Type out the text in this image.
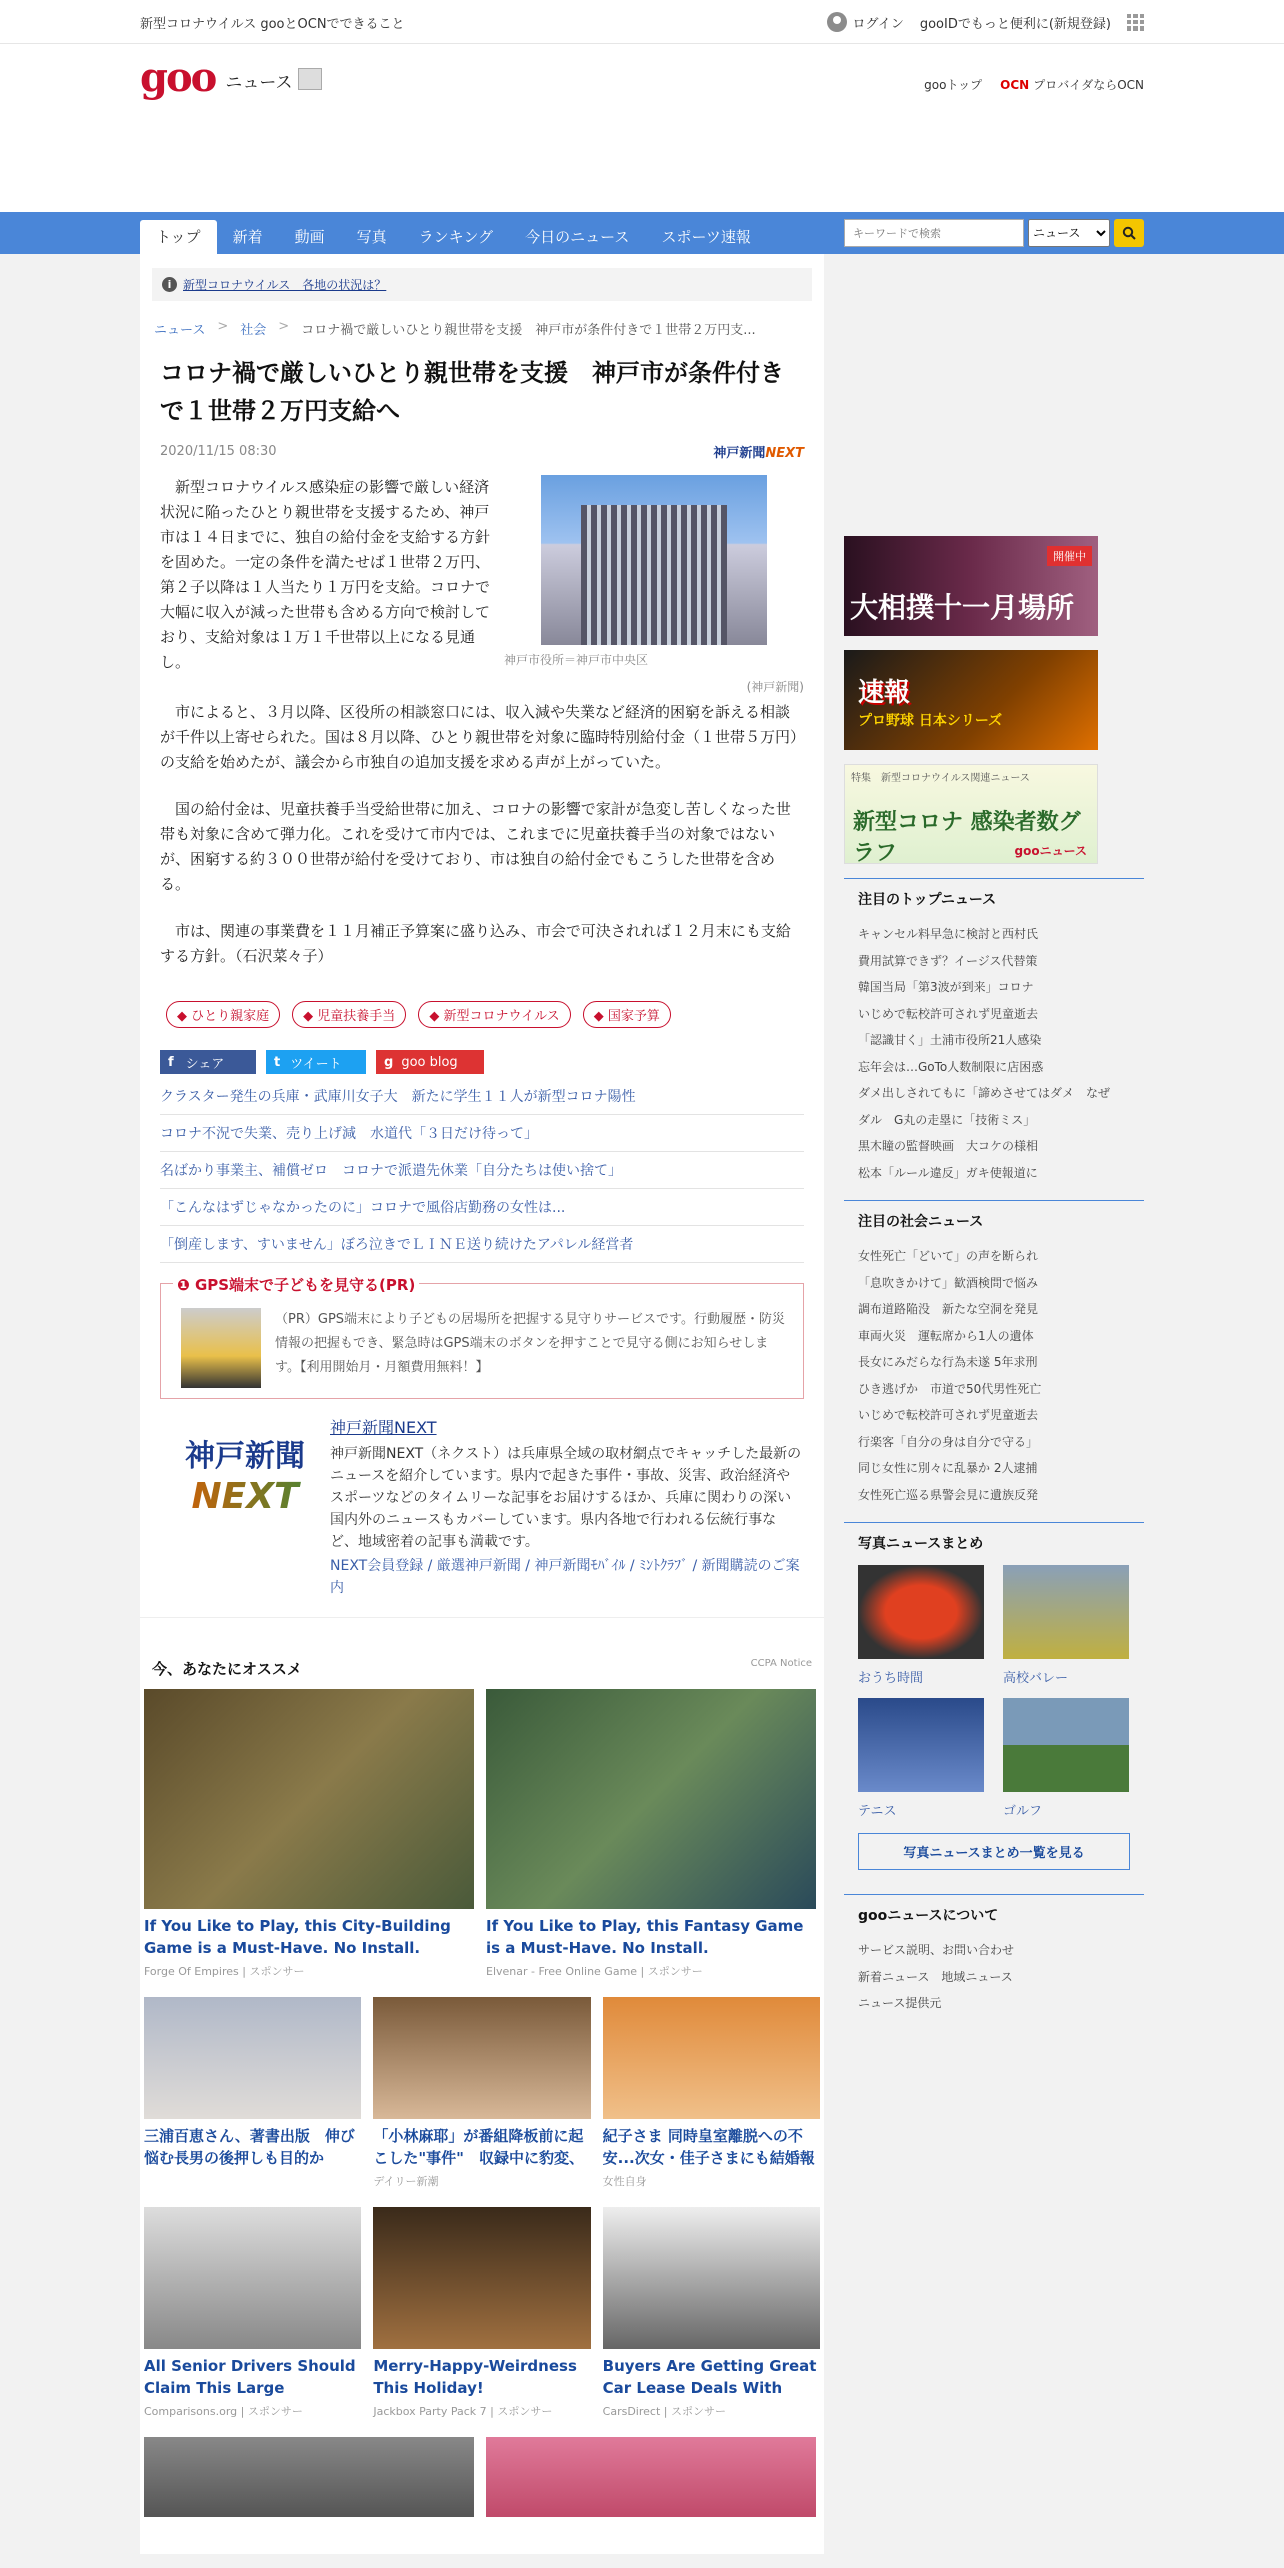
新型コロナウイルス gooとOCNでできること	ログイン gooIDでもっと便利に(新規登録)
goo ニュース	gooトップ OCN プロバイダならOCN
トップ	新着	動画	写真	ランキング	今日のニュース	スポーツ速報
キーワードで検索
ニュース
i 新型コロナウイルス　各地の状況は？
ニュース > 社会 > コロナ禍で厳しいひとり親世帯を支援　神戸市が条件付きで１世帯２万円支...
コロナ禍で厳しいひとり親世帯を支援　神戸市が条件付きで１世帯２万円支給へ
2020/11/15 08:30	神戸新聞NEXT

新型コロナウイルス感染症の影響で厳しい経済状況に陥ったひとり親世帯を支援するため、神戸市は１４日までに、独自の給付金を支給する方針を固めた。一定の条件を満たせば１世帯２万円、第２子以降は１人当たり１万円を支給。コロナで大幅に収入が減った世帯も含める方向で検討しており、支給対象は１万１千世帯以上になる見通し。	神戸市役所＝神戸市中央区
(神戸新聞)

市によると、３月以降、区役所の相談窓口には、収入減や失業など経済的困窮を訴える相談が千件以上寄せられた。国は８月以降、ひとり親世帯を対象に臨時特別給付金（１世帯５万円）の支給を始めたが、議会から市独自の追加支援を求める声が上がっていた。

国の給付金は、児童扶養手当受給世帯に加え、コロナの影響で家計が急変し苦しくなった世帯も対象に含めて弾力化。これを受けて市内では、これまでに児童扶養手当の対象ではないが、困窮する約３００世帯が給付を受けており、市は独自の給付金でもこうした世帯を含める。

市は、関連の事業費を１１月補正予算案に盛り込み、市会で可決されれば１２月末にも支給する方針。（石沢菜々子）

◆ ひとり親家庭	◆ 児童扶養手当	◆ 新型コロナウイルス	◆ 国家予算
f シェア	t ツイート	g goo blog
クラスター発生の兵庫・武庫川女子大　新たに学生１１人が新型コロナ陽性
コロナ不況で失業、売り上げ減　水道代「３日だけ待って」
名ばかり事業主、補償ゼロ　コロナで派遣先休業「自分たちは使い捨て」
「こんなはずじゃなかったのに」コロナで風俗店勤務の女性は...
「倒産します、すいません」ぼろ泣きでＬＩＮＥ送り続けたアパレル経営者
❶ GPS端末で子どもを見守る(PR)
（PR）GPS端末により子どもの居場所を把握する見守りサービスです。行動履歴・防災情報の把握もでき、緊急時はGPS端末のボタンを押すことで見守る側にお知らせします。【利用開始月・月額費用無料！】
神戸新聞
NEXT
神戸新聞NEXT
神戸新聞NEXT（ネクスト）は兵庫県全域の取材網点でキャッチした最新のニュースを紹介しています。県内で起きた事件・事故、災害、政治経済やスポーツなどのタイムリーな記事をお届けするほか、兵庫に関わりの深い国内外のニュースもカバーしています。県内各地で行われる伝統行事など、地域密着の記事も満載です。
NEXT会員登録 / 厳選神戸新聞 / 神戸新聞ﾓﾊﾞｲﾙ / ﾐﾝﾄｸﾗﾌﾞ / 新聞購読のご案内
今、あなたにオススメ	CCPA Notice
If You Like to Play, this City-Building Game is a Must-Have. No Install.
Forge Of Empires | スポンサー
If You Like to Play, this Fantasy Game is a Must-Have. No Install.
Elvenar - Free Online Game | スポンサー
三浦百恵さん、著書出版　伸び悩む長男の後押しも目的か
「小林麻耶」が番組降板前に起こした"事件"　収録中に豹変、
デイリー新潮
紀子さま 同時皇室離脱への不安...次女・佳子さまにも結婚報
女性自身
All Senior Drivers Should Claim This Large
Comparisons.org | スポンサー
Merry-Happy-Weirdness This Holiday!
Jackbox Party Pack 7 | スポンサー
Buyers Are Getting Great Car Lease Deals With
CarsDirect | スポンサー
開催中
大相撲十一月場所
速報
プロ野球 日本シリーズ
特集　新型コロナウイルス関連ニュース
新型コロナ 感染者数グラフ	gooニュース
注目のトップニュース
キャンセル料早急に検討と西村氏
費用試算できず？イージス代替策
韓国当局「第3波が到来」コロナ
いじめで転校許可されず児童逝去
「認識甘く」土浦市役所21人感染
忘年会は…GoTo人数制限に店困惑
ダメ出しされてもに「諦めさせてはダメ　なぜ
ダル　G丸の走塁に「技術ミス」
黒木瞳の監督映画　大コケの様相
松本「ルール違反」ガキ使報道に
注目の社会ニュース
女性死亡「どいて」の声を断られ
「息吹きかけて」歓酒検問で悩み
調布道路陥没　新たな空洞を発見
車両火災　運転席から1人の遺体
長女にみだらな行為未遂 5年求刑
ひき逃げか　市道で50代男性死亡
いじめで転校許可されず児童逝去
行楽客「自分の身は自分で守る」
同じ女性に別々に乱暴か 2人逮捕
女性死亡巡る県警会見に遺族反発
写真ニュースまとめ
おうち時間	高校バレー
テニス	ゴルフ
写真ニュースまとめ一覧を見る
gooニュースについて
サービス説明、お問い合わせ
新着ニュース　地域ニュース
ニュース提供元
